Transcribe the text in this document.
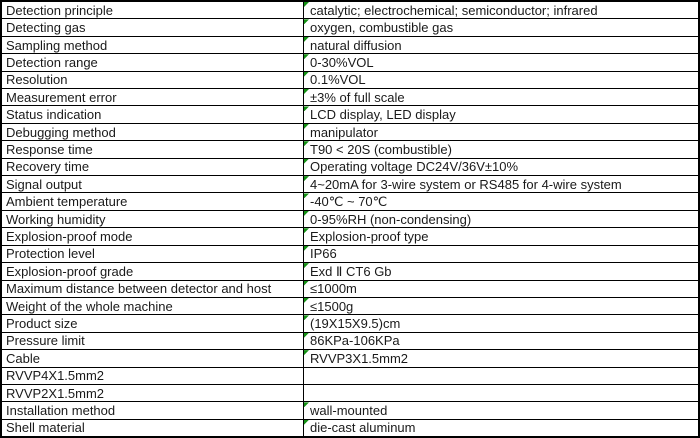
Detection principle	catalytic; electrochemical; semiconductor; infrared
Detecting gas	oxygen, combustible gas
Sampling method	natural diffusion
Detection range	0-30%VOL
Resolution	0.1%VOL
Measurement error	±3% of full scale
Status indication	LCD display, LED display
Debugging method	manipulator
Response time	T90 < 20S (combustible)
Recovery time	Operating voltage DC24V/36V±10%
Signal output	4~20mA for 3-wire system or RS485 for 4-wire system
Ambient temperature	-40℃ ~ 70℃
Working humidity	0-95%RH (non-condensing)
Explosion-proof mode	Explosion-proof type
Protection level	IP66
Explosion-proof grade	Exd Ⅱ CT6 Gb
Maximum distance between detector and host	≤1000m
Weight of the whole machine	≤1500g
Product size	(19X15X9.5)cm
Pressure limit	86KPa-106KPa
Cable	RVVP3X1.5mm2
RVVP4X1.5mm2
RVVP2X1.5mm2
Installation method	wall-mounted
Shell material	die-cast aluminum
